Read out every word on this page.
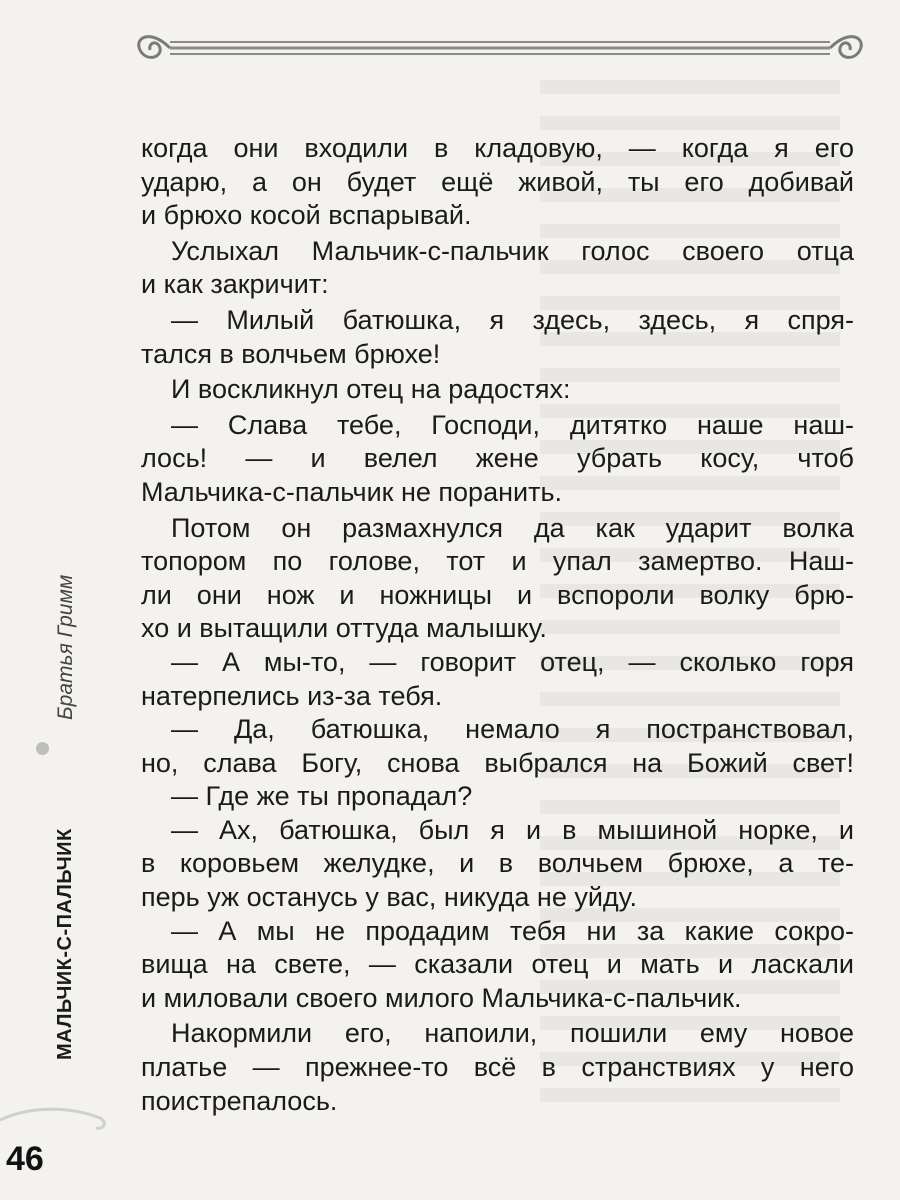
когда они входили в кладовую, — когда я его
ударю, а он будет ещё живой, ты его добивай
и брюхо косой вспарывай.
Услыхал Мальчик-с-пальчик голос своего отца
и как закричит:
— Милый батюшка, я здесь, здесь, я спря-
тался в волчьем брюхе!
И воскликнул отец на радостях:
— Слава тебе, Господи, дитятко наше наш-
лось! — и велел жене убрать косу, чтоб
Мальчика-с-пальчик не поранить.
Потом он размахнулся да как ударит волка
топором по голове, тот и упал замертво. Наш-
ли они нож и ножницы и вспороли волку брю-
хо и вытащили оттуда малышку.
— А мы-то, — говорит отец, — сколько горя
натерпелись из-за тебя.
— Да, батюшка, немало я постранствовал,
но, слава Богу, снова выбрался на Божий свет!
— Где же ты пропадал?
— Ах, батюшка, был я и в мышиной норке, и
в коровьем желудке, и в волчьем брюхе, а те-
перь уж останусь у вас, никуда не уйду.
— А мы не продадим тебя ни за какие сокро-
вища на свете, — сказали отец и мать и ласкали
и миловали своего милого Мальчика-с-пальчик.
Накормили его, напоили, пошили ему новое
платье — прежнее-то всё в странствиях у него
поистрепалось.
МАЛЬЧИК-С-ПАЛЬЧИК
Братья Гримм
46
